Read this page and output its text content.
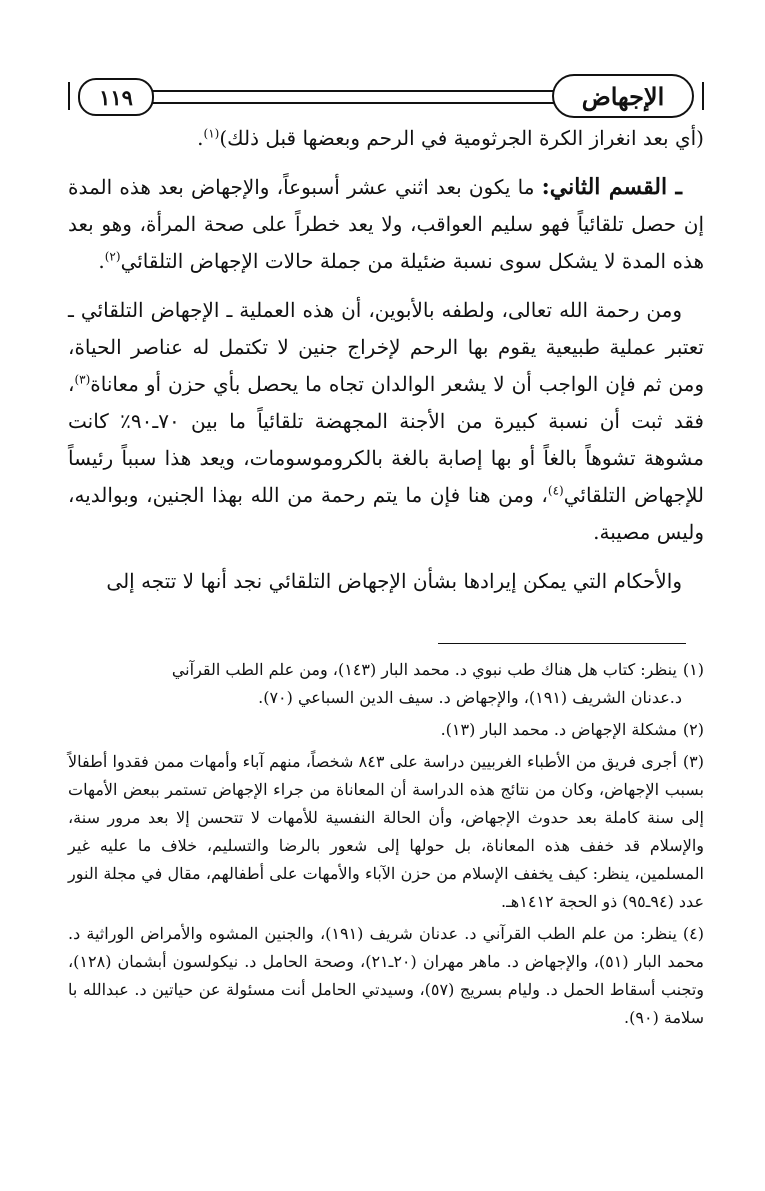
١١٩	الإجهاض

(أي بعد انغراز الكرة الجرثومية في الرحم وبعضها قبل ذلك)$^{(١)}$.

ـ القسم الثاني: ما يكون بعد اثني عشر أسبوعاً، والإجهاض بعد هذه المدة إن حصل تلقائياً فهو سليم العواقب، ولا يعد خطراً على صحة المرأة، وهو بعد هذه المدة لا يشكل سوى نسبة ضئيلة من جملة حالات الإجهاض التلقائي$^{(٢)}$.

ومن رحمة الله تعالى، ولطفه بالأبوين، أن هذه العملية ـ الإجهاض التلقائي ـ تعتبر عملية طبيعية يقوم بها الرحم لإخراج جنين لا تكتمل له عناصر الحياة، ومن ثم فإن الواجب أن لا يشعر الوالدان تجاه ما يحصل بأي حزن أو معاناة$^{(٣)}$، فقد ثبت أن نسبة كبيرة من الأجنة المجهضة تلقائياً ما بين ٧٠ـ٩٠٪ كانت مشوهة تشوهاً بالغاً أو بها إصابة بالغة بالكروموسومات، ويعد هذا سبباً رئيساً للإجهاض التلقائي$^{(٤)}$، ومن هنا فإن ما يتم رحمة من الله بهذا الجنين، وبوالديه، وليس مصيبة.

والأحكام التي يمكن إيرادها بشأن الإجهاض التلقائي نجد أنها لا تتجه إلى

(١)ينظر: كتاب هل هناك طب نبوي د. محمد البار (١٤٣)، ومن علم الطب القرآني
د.عدنان الشريف (١٩١)، والإجهاض د. سيف الدين السباعي (٧٠).
(٢)مشكلة الإجهاض د. محمد البار (١٣).
(٣)أجرى فريق من الأطباء الغربيين دراسة على ٨٤٣ شخصاً، منهم آباء وأمهات ممن فقدوا أطفالاً بسبب الإجهاض، وكان من نتائج هذه الدراسة أن المعاناة من جراء الإجهاض تستمر ببعض الأمهات إلى سنة كاملة بعد حدوث الإجهاض، وأن الحالة النفسية للأمهات لا تتحسن إلا بعد مرور سنة، والإسلام قد خفف هذه المعاناة، بل حولها إلى شعور بالرضا والتسليم، خلاف ما عليه غير المسلمين، ينظر: كيف يخفف الإسلام من حزن الآباء والأمهات على أطفالهم، مقال في مجلة النور عدد (٩٤ـ٩٥) ذو الحجة ١٤١٢هـ.
(٤)ينظر: من علم الطب القرآني د. عدنان شريف (١٩١)، والجنين المشوه والأمراض الوراثية د. محمد البار (٥١)، والإجهاض د. ماهر مهران (٢٠ـ٢١)، وصحة الحامل د. نيكولسون أبشمان (١٢٨)، وتجنب أسقاط الحمل د. وليام بسريج (٥٧)، وسيدتي الحامل أنت مسئولة عن حياتين د. عبدالله با سلامة (٩٠).
